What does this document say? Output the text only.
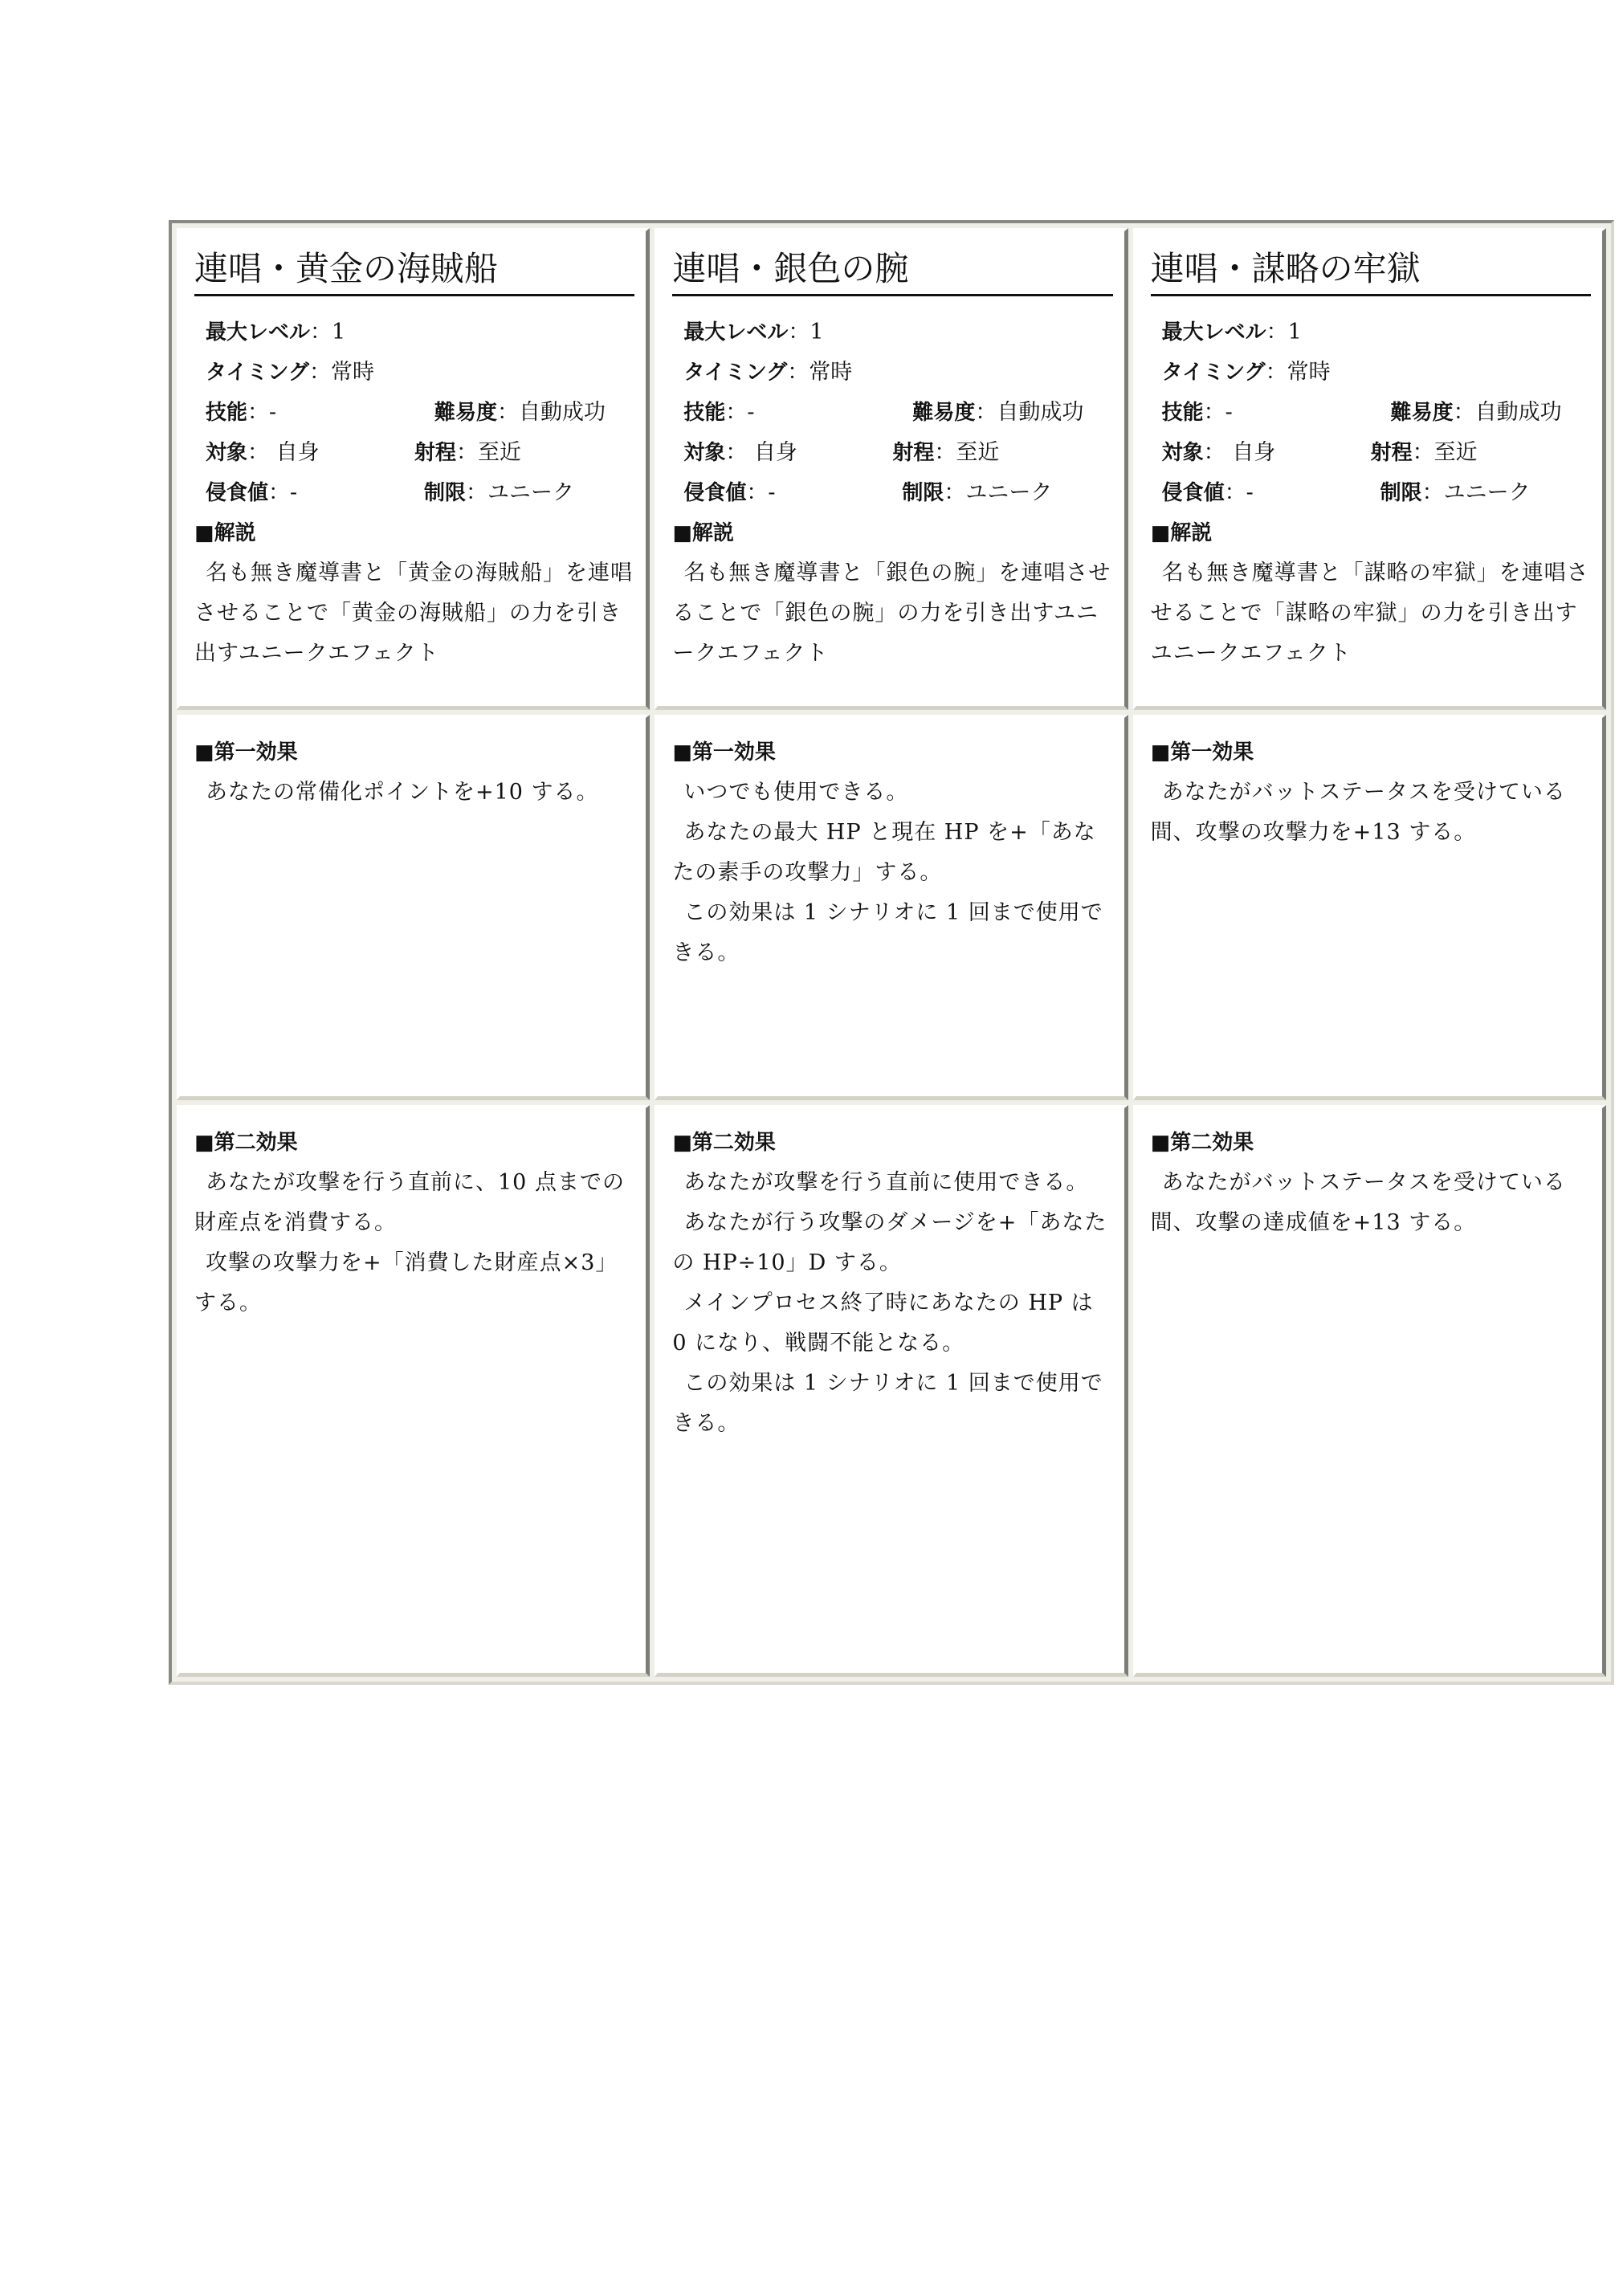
連唱・黄金の海賊船
最大レベル：1
タイミング：常時
技能：-	難易度：自動成功
対象： 自身	射程：至近
侵食値：-	制限：ユニーク
■解説
名も無き魔導書と「黄金の海賊船」を連唱させることで「黄金の海賊船」の力を引き出すユニークエフェクト
連唱・銀色の腕
最大レベル：1
タイミング：常時
技能：-	難易度：自動成功
対象： 自身	射程：至近
侵食値：-	制限：ユニーク
■解説
名も無き魔導書と「銀色の腕」を連唱させることで「銀色の腕」の力を引き出すユニークエフェクト
連唱・謀略の牢獄
最大レベル：1
タイミング：常時
技能：-	難易度：自動成功
対象： 自身	射程：至近
侵食値：-	制限：ユニーク
■解説
名も無き魔導書と「謀略の牢獄」を連唱させることで「謀略の牢獄」の力を引き出すユニークエフェクト
■第一効果
あなたの常備化ポイントを+10 する。
■第一効果
いつでも使用できる。
あなたの最大 HP と現在 HP を+「あなたの素手の攻撃力」する。
この効果は 1 シナリオに 1 回まで使用できる。
■第一効果
あなたがバットステータスを受けている間、攻撃の攻撃力を+13 する。
■第二効果
あなたが攻撃を行う直前に、10 点までの財産点を消費する。
攻撃の攻撃力を+「消費した財産点×3」する。
■第二効果
あなたが攻撃を行う直前に使用できる。
あなたが行う攻撃のダメージを+「あなたの HP÷10」D する。
メインプロセス終了時にあなたの HP は 0 になり、戦闘不能となる。
この効果は 1 シナリオに 1 回まで使用できる。
■第二効果
あなたがバットステータスを受けている間、攻撃の達成値を+13 する。
